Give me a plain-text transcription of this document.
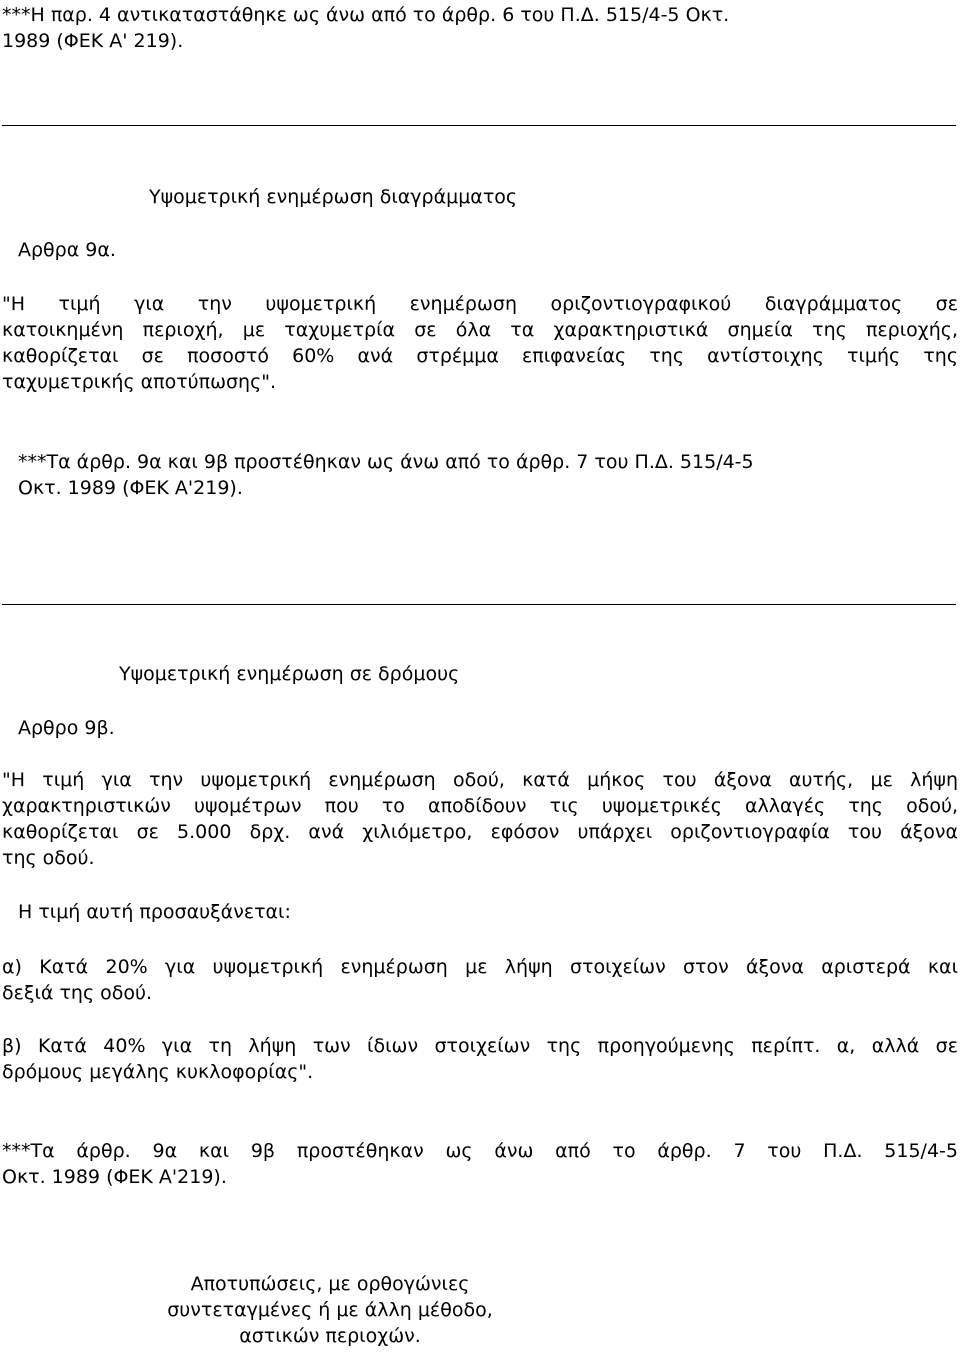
***Η παρ. 4 αντικαταστάθηκε ως άνω από το άρθρ. 6 του Π.Δ. 515/4-5 Οκτ.

1989 (ΦΕΚ Α' 219).

Υψομετρική ενημέρωση διαγράμματος

Αρθρα 9α.

"Η τιμή για την υψομετρική ενημέρωση οριζοντιογραφικού διαγράμματος σε
κατοικημένη περιοχή, με ταχυμετρία σε όλα τα χαρακτηριστικά σημεία της περιοχής,
καθορίζεται σε ποσοστό 60% ανά στρέμμα επιφανείας της αντίστοιχης τιμής της
ταχυμετρικής αποτύπωσης".

***Τα άρθρ. 9α και 9β προστέθηκαν ως άνω από το άρθρ. 7 του Π.Δ. 515/4-5

Οκτ. 1989 (ΦΕΚ Α'219).

Υψομετρική ενημέρωση σε δρόμους

Αρθρο 9β.

"Η τιμή για την υψομετρική ενημέρωση οδού, κατά μήκος του άξονα αυτής, με λήψη
χαρακτηριστικών υψομέτρων που το αποδίδουν τις υψομετρικές αλλαγές της οδού,
καθορίζεται σε 5.000 δρχ. ανά χιλιόμετρο, εφόσον υπάρχει οριζοντιογραφία του άξονα
της οδού.

Η τιμή αυτή προσαυξάνεται:

α) Κατά 20% για υψομετρική ενημέρωση με λήψη στοιχείων στον άξονα αριστερά και
δεξιά της οδού.
β) Κατά 40% για τη λήψη των ίδιων στοιχείων της προηγούμενης περίπτ. α, αλλά σε
δρόμους μεγάλης κυκλοφορίας".
***Τα άρθρ. 9α και 9β προστέθηκαν ως άνω από το άρθρ. 7 του Π.Δ. 515/4-5
Οκτ. 1989 (ΦΕΚ Α'219).
Αποτυπώσεις, με ορθογώνιες
συντεταγμένες ή με άλλη μέθοδο,
αστικών περιοχών.
